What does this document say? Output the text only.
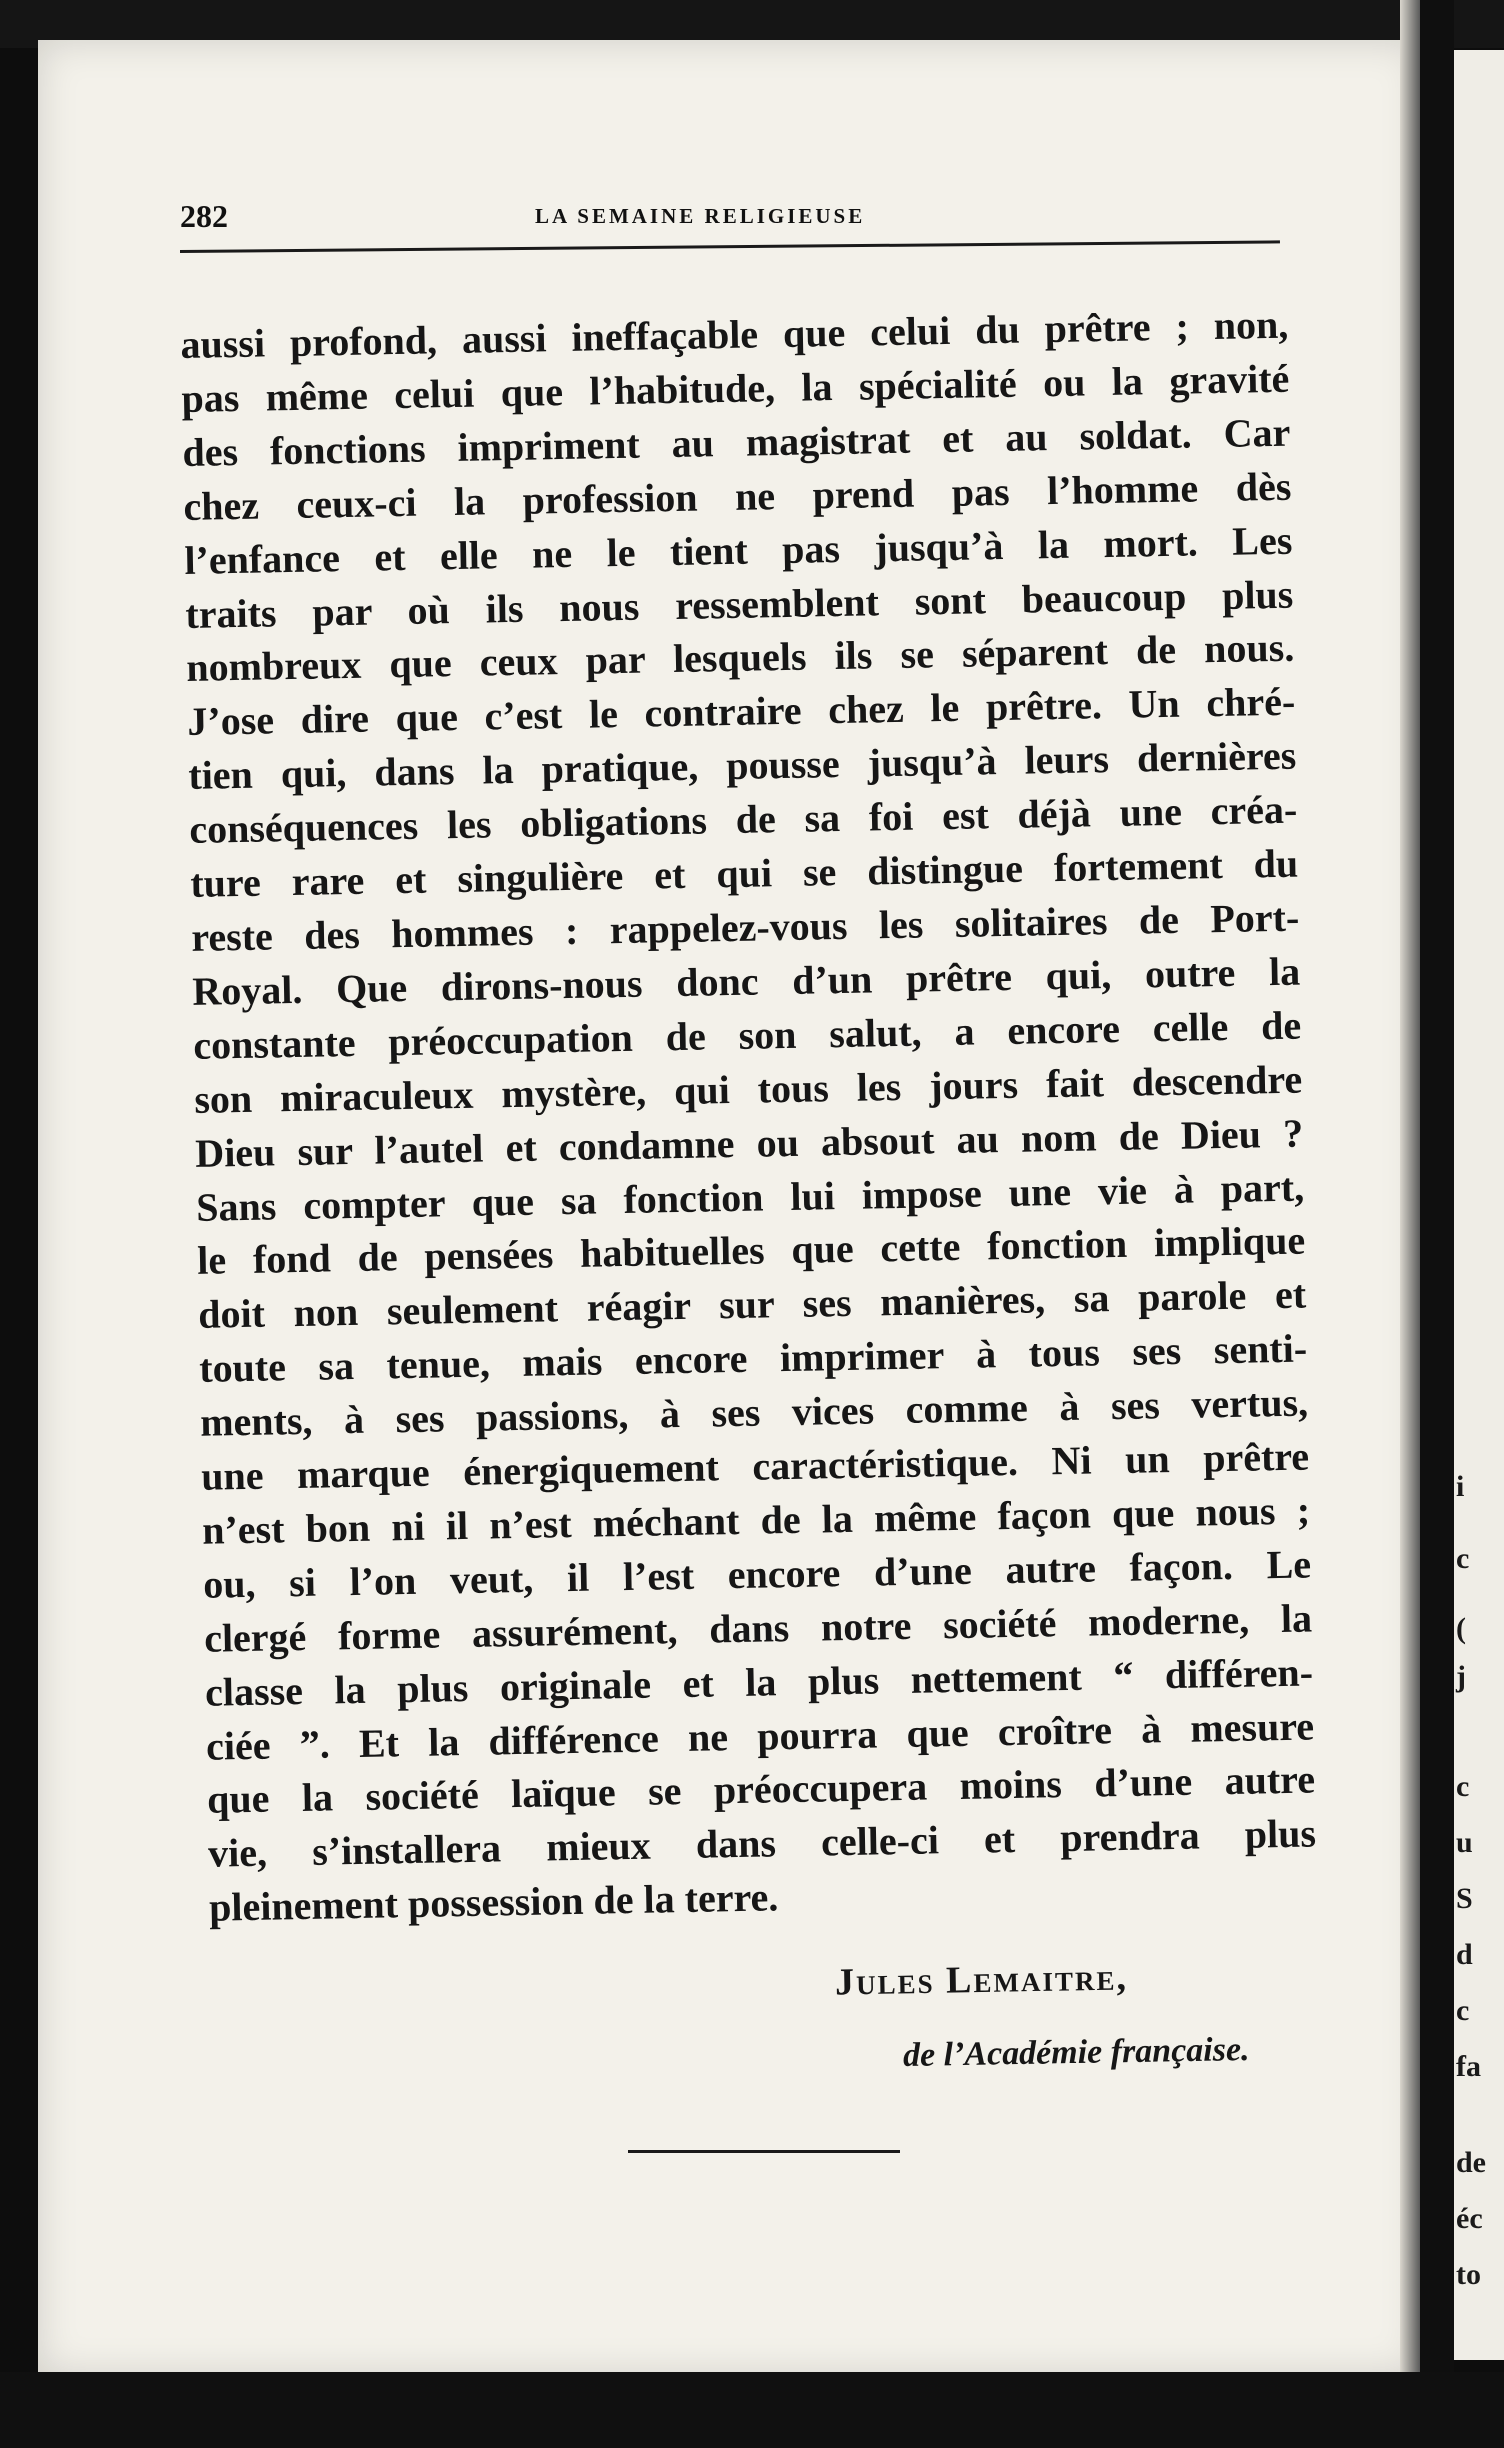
282	LA SEMAINE RELIGIEUSE
aussi profond, aussi ineffaçable que celui du prêtre ; non,
pas même celui que l’habitude, la spécialité ou la gravité
des fonctions impriment au magistrat et au soldat. Car
chez ceux-ci la profession ne prend pas l’homme dès
l’enfance et elle ne le tient pas jusqu’à la mort. Les
traits par où ils nous ressemblent sont beaucoup plus
nombreux que ceux par lesquels ils se séparent de nous.
J’ose dire que c’est le contraire chez le prêtre. Un chré-
tien qui, dans la pratique, pousse jusqu’à leurs dernières
conséquences les obligations de sa foi est déjà une créa-
ture rare et singulière et qui se distingue fortement du
reste des hommes : rappelez-vous les solitaires de Port-
Royal. Que dirons-nous donc d’un prêtre qui, outre la
constante préoccupation de son salut, a encore celle de
son miraculeux mystère, qui tous les jours fait descendre
Dieu sur l’autel et condamne ou absout au nom de Dieu ?
Sans compter que sa fonction lui impose une vie à part,
le fond de pensées habituelles que cette fonction implique
doit non seulement réagir sur ses manières, sa parole et
toute sa tenue, mais encore imprimer à tous ses senti-
ments, à ses passions, à ses vices comme à ses vertus,
une marque énergiquement caractéristique. Ni un prêtre
n’est bon ni il n’est méchant de la même façon que nous ;
ou, si l’on veut, il l’est encore d’une autre façon. Le
clergé forme assurément, dans notre société moderne, la
classe la plus originale et la plus nettement “ différen-
ciée ”. Et la différence ne pourra que croître à mesure
que la société laïque se préoccupera moins d’une autre
vie, s’installera mieux dans celle-ci et prendra plus
pleinement possession de la terre.
Jules Lemaitre,
de l’Académie française.
i
c
(
j
c
u
S
d
c
fa
de
éc
to
